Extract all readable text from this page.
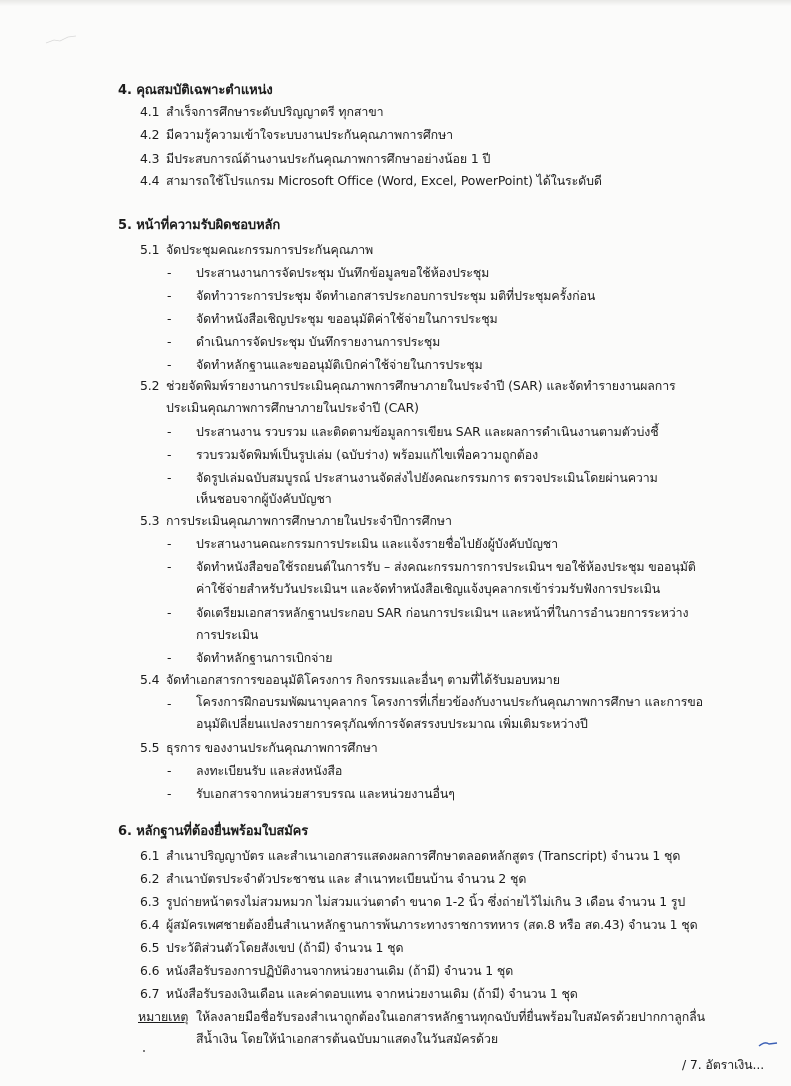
4. คุณสมบัติเฉพาะตำแหน่ง
4.1 สำเร็จการศึกษาระดับปริญญาตรี ทุกสาขา
4.2 มีความรู้ความเข้าใจระบบงานประกันคุณภาพการศึกษา
4.3 มีประสบการณ์ด้านงานประกันคุณภาพการศึกษาอย่างน้อย 1 ปี
4.4 สามารถใช้โปรแกรม Microsoft Office (Word, Excel, PowerPoint) ได้ในระดับดี
5. หน้าที่ความรับผิดชอบหลัก
5.1 จัดประชุมคณะกรรมการประกันคุณภาพ
- ประสานงานการจัดประชุม บันทึกข้อมูลขอใช้ห้องประชุม
- จัดทำวาระการประชุม จัดทำเอกสารประกอบการประชุม มติที่ประชุมครั้งก่อน
- จัดทำหนังสือเชิญประชุม ขออนุมัติค่าใช้จ่ายในการประชุม
- ดำเนินการจัดประชุม บันทึกรายงานการประชุม
- จัดทำหลักฐานและขออนุมัติเบิกค่าใช้จ่ายในการประชุม
5.2 ช่วยจัดพิมพ์รายงานการประเมินคุณภาพการศึกษาภายในประจำปี (SAR) และจัดทำรายงานผลการ
ประเมินคุณภาพการศึกษาภายในประจำปี (CAR)
- ประสานงาน รวบรวม และติดตามข้อมูลการเขียน SAR และผลการดำเนินงานตามตัวบ่งชี้
- รวบรวมจัดพิมพ์เป็นรูปเล่ม (ฉบับร่าง) พร้อมแก้ไขเพื่อความถูกต้อง
- จัดรูปเล่มฉบับสมบูรณ์ ประสานงานจัดส่งไปยังคณะกรรมการ ตรวจประเมินโดยผ่านความ
เห็นชอบจากผู้บังคับบัญชา
5.3 การประเมินคุณภาพการศึกษาภายในประจำปีการศึกษา
- ประสานงานคณะกรรมการประเมิน และแจ้งรายชื่อไปยังผู้บังคับบัญชา
- จัดทำหนังสือขอใช้รถยนต์ในการรับ – ส่งคณะกรรมการการประเมินฯ ขอใช้ห้องประชุม ขออนุมัติ
ค่าใช้จ่ายสำหรับวันประเมินฯ และจัดทำหนังสือเชิญแจ้งบุคลากรเข้าร่วมรับฟังการประเมิน
- จัดเตรียมเอกสารหลักฐานประกอบ SAR ก่อนการประเมินฯ และหน้าที่ในการอำนวยการระหว่าง
การประเมิน
- จัดทำหลักฐานการเบิกจ่าย
5.4 จัดทำเอกสารการขออนุมัติโครงการ กิจกรรมและอื่นๆ ตามที่ได้รับมอบหมาย
- โครงการฝึกอบรมพัฒนาบุคลากร โครงการที่เกี่ยวข้องกับงานประกันคุณภาพการศึกษา และการขอ
อนุมัติเปลี่ยนแปลงรายการครุภัณฑ์การจัดสรรงบประมาณ เพิ่มเติมระหว่างปี
5.5 ธุรการ ของงานประกันคุณภาพการศึกษา
- ลงทะเบียนรับ และส่งหนังสือ
- รับเอกสารจากหน่วยสารบรรณ และหน่วยงานอื่นๆ
6. หลักฐานที่ต้องยื่นพร้อมใบสมัคร
6.1 สำเนาปริญญาบัตร และสำเนาเอกสารแสดงผลการศึกษาตลอดหลักสูตร (Transcript) จำนวน 1 ชุด
6.2 สำเนาบัตรประจำตัวประชาชน และ สำเนาทะเบียนบ้าน จำนวน 2 ชุด
6.3 รูปถ่ายหน้าตรงไม่สวมหมวก ไม่สวมแว่นตาดำ ขนาด 1-2 นิ้ว ซึ่งถ่ายไว้ไม่เกิน 3 เดือน จำนวน 1 รูป
6.4 ผู้สมัครเพศชายต้องยื่นสำเนาหลักฐานการพ้นภาระทางราชการทหาร (สด.8 หรือ สด.43) จำนวน 1 ชุด
6.5 ประวัติส่วนตัวโดยสังเขป (ถ้ามี) จำนวน 1 ชุด
6.6 หนังสือรับรองการปฏิบัติงานจากหน่วยงานเดิม (ถ้ามี) จำนวน 1 ชุด
6.7 หนังสือรับรองเงินเดือน และค่าตอบแทน จากหน่วยงานเดิม (ถ้ามี) จำนวน 1 ชุด
หมายเหตุ ให้ลงลายมือชื่อรับรองสำเนาถูกต้องในเอกสารหลักฐานทุกฉบับที่ยื่นพร้อมใบสมัครด้วยปากกาลูกลื่น
สีน้ำเงิน โดยให้นำเอกสารต้นฉบับมาแสดงในวันสมัครด้วย
/ 7. อัตราเงิน...
